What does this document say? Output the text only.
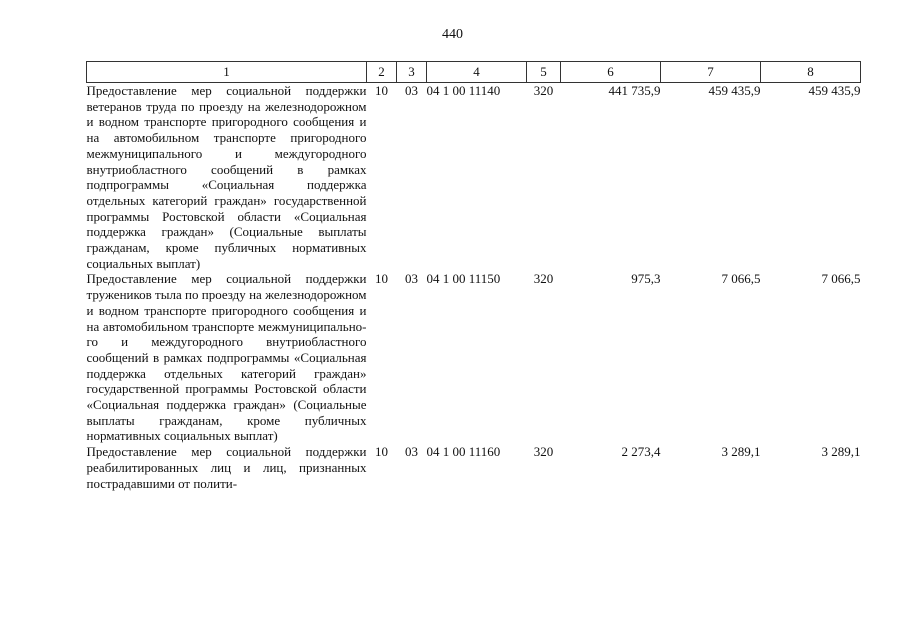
440
1	2	3	4	5	6	7	8
Предоставление мер социальной поддержки ветеранов труда по проезду на железнодорожном и водном транспорте пригородного сообщения и на автомобильном транспорте пригородного межмуниципального и междугородного внутриобластного сообщений в рамках подпрограммы «Социальная поддержка отдельных категорий граждан» государственной программы Ростовской области «Социальная поддержка граждан» (Социальные выплаты гражданам, кроме публичных нормативных социальных выплат)	10	03	04 1 00 11140	320	441 735,9	459 435,9	459 435,9
Предоставление мер социальной поддержки тружеников тыла по проезду на железнодорожном и водном транспорте пригородного сообщения и на автомобильном транспорте межмуниципального и междугородного внутриобластного сообщений в рамках подпрограммы «Социальная поддержка отдельных категорий граждан» государственной программы Ростовской области «Социальная поддержка граждан» (Социальные выплаты гражданам, кроме публичных нормативных социальных выплат)	10	03	04 1 00 11150	320	975,3	7 066,5	7 066,5
Предоставление мер социальной поддержки реабилитированных лиц и лиц, признанных пострадавшими от полити-	10	03	04 1 00 11160	320	2 273,4	3 289,1	3 289,1
